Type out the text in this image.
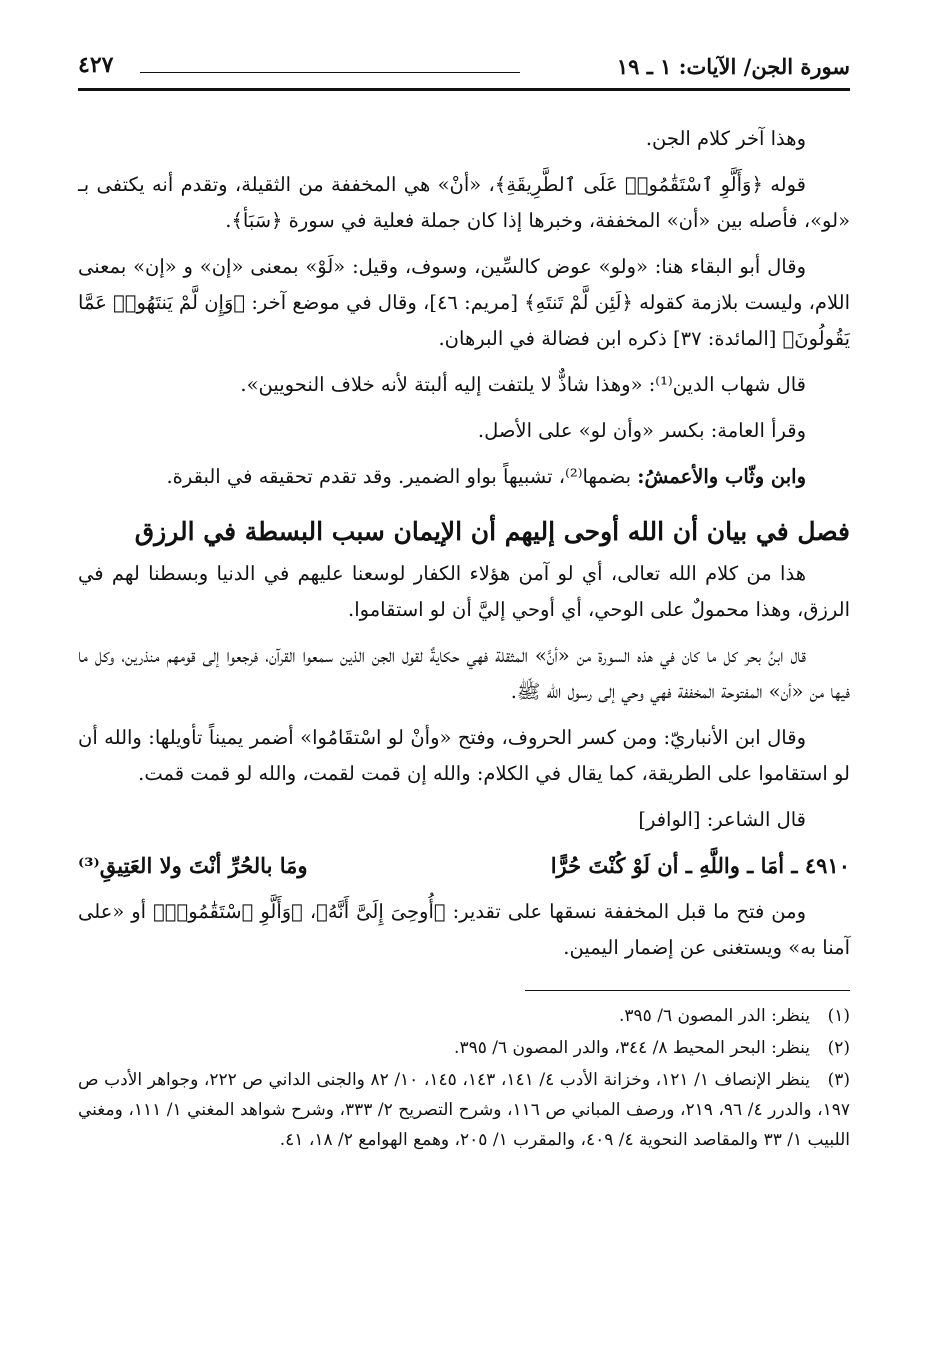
سورة الجن/ الآيات: ١ ـ ١٩
٤٢٧

وهذا آخر كلام الجن.

قوله ﴿وَأَلَّوِ ٱسْتَقَٰمُوا۟ عَلَى ٱلطَّرِيقَةِ﴾، «أنْ» هي المخففة من الثقيلة، وتقدم أنه يكتفى بـ «لو»، فأصله بين «أن» المخففة، وخبرها إذا كان جملة فعلية في سورة ﴿سَبَأ﴾.

وقال أبو البقاء هنا: «ولو» عوض كالسِّين، وسوف، وقيل: «لَوْ» بمعنى «إن» و «إن» بمعنى اللام، وليست بلازمة كقوله ﴿لَئِن لَّمْ تَنتَهِ﴾ [مريم: ٤٦]، وقال في موضع آخر: ﴿وَإِن لَّمْ يَنتَهُوا۟ عَمَّا يَقُولُونَ﴾ [المائدة: ٣٧] ذكره ابن فضالة في البرهان.

قال شهاب الدين⁽¹⁾: «وهذا شاذٌّ لا يلتفت إليه ألبتة لأنه خلاف النحويين».

وقرأ العامة: بكسر «وأن لو» على الأصل.

وابن وثّاب والأعمشُ: بضمها⁽²⁾، تشبيهاً بواو الضمير. وقد تقدم تحقيقه في البقرة.

فصل في بيان أن الله أوحى إليهم أن الإيمان سبب البسطة في الرزق

هذا من كلام الله تعالى، أي لو آمن هؤلاء الكفار لوسعنا عليهم في الدنيا وبسطنا لهم في الرزق، وهذا محمولٌ على الوحي، أي أوحي إليَّ أن لو استقاموا.

قال ابنُ بحر كل ما كان في هذه السورة من «أنَّ» المثقلة فهي حكايةٌ لقول الجن الذين سمعوا القرآن، فرجعوا إلى قومهم منذرين، وكل ما فيها من «أن» المفتوحة المخففة فهي وحي إلى رسول الله ﷺ.

وقال ابن الأنباريّ: ومن كسر الحروف، وفتح «وأنْ لو اسْتقَامُوا» أضمر يميناً تأويلها: والله أن لو استقاموا على الطريقة، كما يقال في الكلام: والله إن قمت لقمت، والله لو قمت قمت.

قال الشاعر: [الوافر]

٤٩١٠ ـ أمَا ـ واللَّهِ ـ أن لَوْ كُنْتَ حُرًّا
ومَا بالحُرِّ أنْتَ ولا العَتِيقِ⁽³⁾

ومن فتح ما قبل المخففة نسقها على تقدير: ﴿أُوحِىَ إِلَىَّ أَنَّهُ﴾، ﴿وَأَلَّوِ ٱسْتَقَٰمُوا۟﴾ أو «على آمنا به» ويستغنى عن إضمار اليمين.

(١)ينظر: الدر المصون ٦/ ٣٩٥.

(٢)ينظر: البحر المحيط ٨/ ٣٤٤، والدر المصون ٦/ ٣٩٥.

(٣)ينظر الإنصاف ١/ ١٢١، وخزانة الأدب ٤/ ١٤١، ١٤٣، ١٤٥، ١٠/ ٨٢ والجنى الداني ص ٢٢٢، وجواهر الأدب ص ١٩٧، والدرر ٤/ ٩٦، ٢١٩، ورصف المباني ص ١١٦، وشرح التصريح ٢/ ٣٣٣، وشرح شواهد المغني ١/ ١١١، ومغني اللبيب ١/ ٣٣ والمقاصد النحوية ٤/ ٤٠٩، والمقرب ١/ ٢٠٥، وهمع الهوامع ٢/ ١٨، ٤١.
